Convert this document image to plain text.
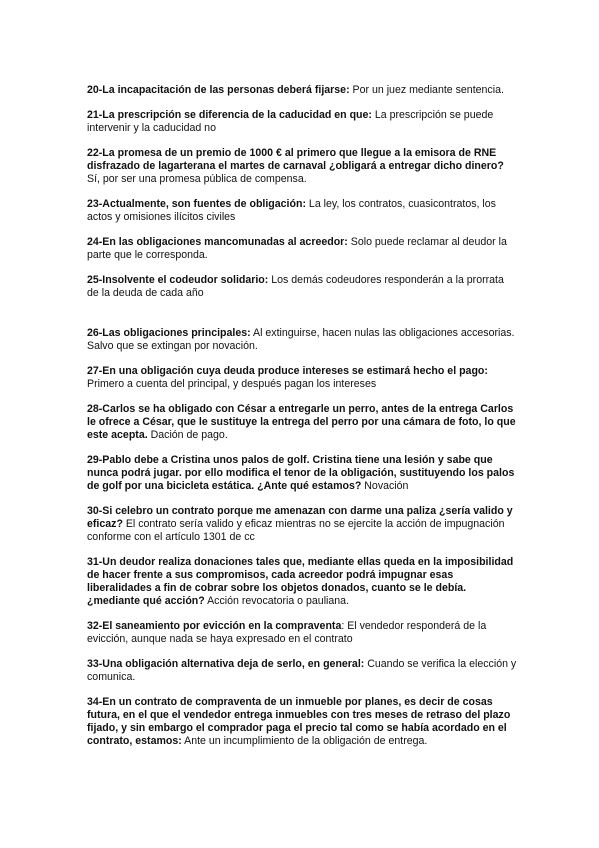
20-La incapacitación de las personas deberá fijarse: Por un juez mediante sentencia.

21-La prescripción se diferencia de la caducidad en que: La prescripción se puede intervenir y la caducidad no

22-La promesa de un premio de 1000 € al primero que llegue a la emisora de RNE disfrazado de lagarterana el martes de carnaval ¿obligará a entregar dicho dinero? Sí, por ser una promesa pública de compensa.

23-Actualmente, son fuentes de obligación: La ley, los contratos, cuasicontratos, los actos y omisiones ilícitos civiles

24-En las obligaciones mancomunadas al acreedor: Solo puede reclamar al deudor la parte que le corresponda.

25-Insolvente el codeudor solidario: Los demás codeudores responderán a la prorrata de la deuda de cada año

26-Las obligaciones principales: Al extinguirse, hacen nulas las obligaciones accesorias. Salvo que se extingan por novación.

27-En una obligación cuya deuda produce intereses se estimará hecho el pago: Primero a cuenta del principal, y después pagan los intereses

28-Carlos se ha obligado con César a entregarle un perro, antes de la entrega Carlos le ofrece a César, que le sustituye la entrega del perro por una cámara de foto, lo que este acepta. Dación de pago.

29-Pablo debe a Cristina unos palos de golf. Cristina tiene una lesión y sabe que nunca podrá jugar. por ello modifica el tenor de la obligación, sustituyendo los palos de golf por una bicicleta estática. ¿Ante qué estamos? Novación

30-Si celebro un contrato porque me amenazan con darme una paliza ¿sería valido y eficaz? El contrato sería valido y eficaz mientras no se ejercite la acción de impugnación conforme con el artículo 1301 de cc

31-Un deudor realiza donaciones tales que, mediante ellas queda en la imposibilidad de hacer frente a sus compromisos, cada acreedor podrá impugnar esas liberalidades a fin de cobrar sobre los objetos donados, cuanto se le debía. ¿mediante qué acción? Acción revocatoria o pauliana.

32-El saneamiento por evicción en la compraventa: El vendedor responderá de la evicción, aunque nada se haya expresado en el contrato

33-Una obligación alternativa deja de serlo, en general: Cuando se verifica la elección y comunica.

34-En un contrato de compraventa de un inmueble por planes, es decir de cosas futura, en el que el vendedor entrega inmuebles con tres meses de retraso del plazo fijado, y sin embargo el comprador paga el precio tal como se había acordado en el contrato, estamos: Ante un incumplimiento de la obligación de entrega.
